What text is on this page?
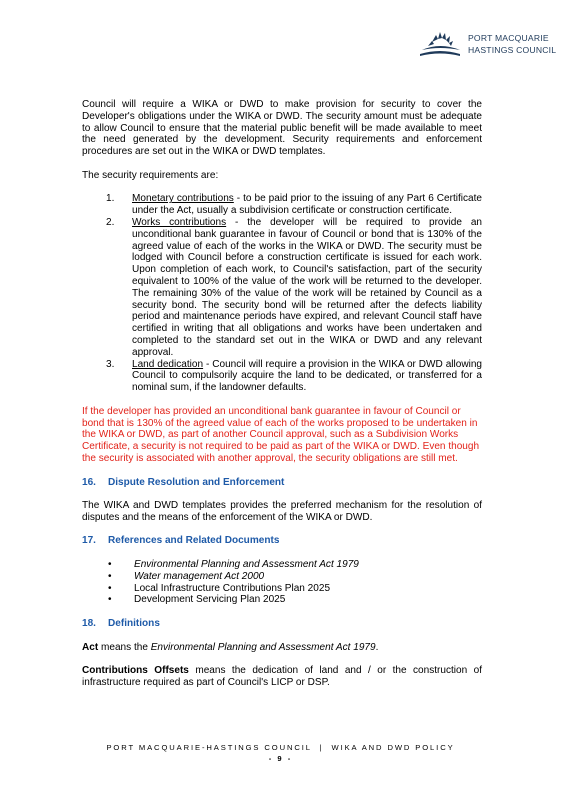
PORT MACQUARIE
HASTINGS COUNCIL

Council will require a WIKA or DWD to make provision for security to cover the Developer's obligations under the WIKA or DWD. The security amount must be adequate to allow Council to ensure that the material public benefit will be made available to meet the need generated by the development. Security requirements and enforcement procedures are set out in the WIKA or DWD templates.

The security requirements are:

1. Monetary contributions - to be paid prior to the issuing of any Part 6 Certificate under the Act, usually a subdivision certificate or construction certificate.
2. Works contributions - the developer will be required to provide an unconditional bank guarantee in favour of Council or bond that is 130% of the agreed value of each of the works in the WIKA or DWD. The security must be lodged with Council before a construction certificate is issued for each work. Upon completion of each work, to Council's satisfaction, part of the security equivalent to 100% of the value of the work will be returned to the developer. The remaining 30% of the value of the work will be retained by Council as a security bond. The security bond will be returned after the defects liability period and maintenance periods have expired, and relevant Council staff have certified in writing that all obligations and works have been undertaken and completed to the standard set out in the WIKA or DWD and any relevant approval.
3. Land dedication - Council will require a provision in the WIKA or DWD allowing Council to compulsorily acquire the land to be dedicated, or transferred for a nominal sum, if the landowner defaults.

If the developer has provided an unconditional bank guarantee in favour of Council or bond that is 130% of the agreed value of each of the works proposed to be undertaken in the WIKA or DWD, as part of another Council approval, such as a Subdivision Works Certificate, a security is not required to be paid as part of the WIKA or DWD. Even though the security is associated with another approval, the security obligations are still met.

16. Dispute Resolution and Enforcement

The WIKA and DWD templates provides the preferred mechanism for the resolution of disputes and the means of the enforcement of the WIKA or DWD.

17. References and Related Documents
• Environmental Planning and Assessment Act 1979
• Water management Act 2000
• Local Infrastructure Contributions Plan 2025
• Development Servicing Plan 2025
18. Definitions

Act means the Environmental Planning and Assessment Act 1979.

Contributions Offsets means the dedication of land and / or the construction of infrastructure required as part of Council's LICP or DSP.

PORT MACQUARIE-HASTINGS COUNCIL  |  WIKA AND DWD POLICY
- 9 -
